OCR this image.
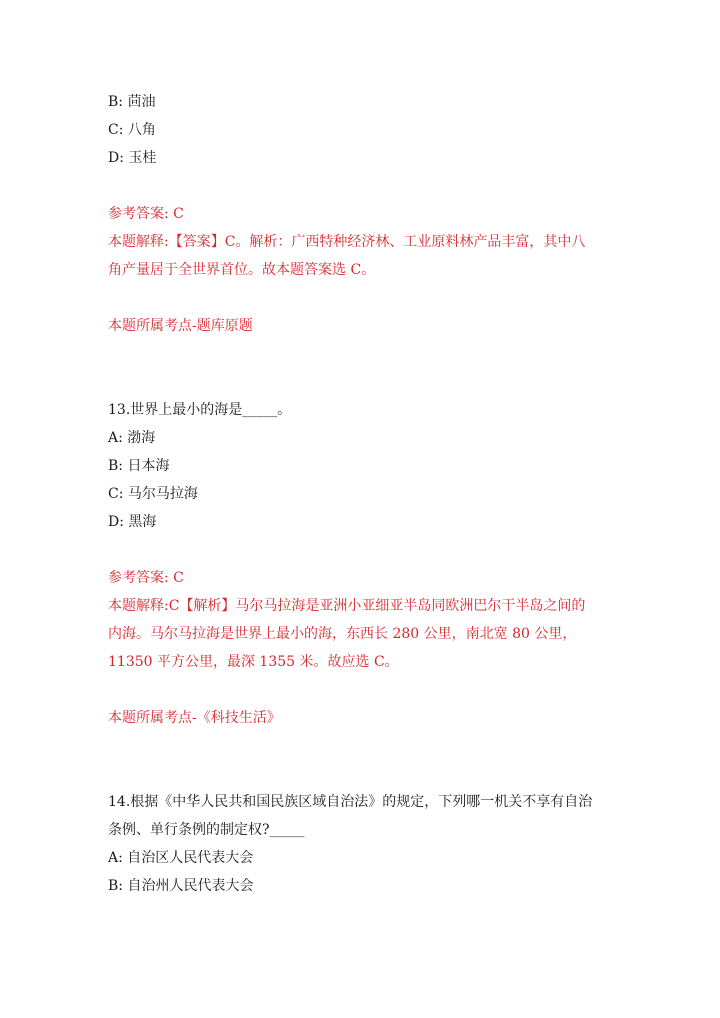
B: 茴油
C: 八角
D: 玉桂
参考答案: C
本题解释:【答案】C。解析：广西特种经济林、工业原料林产品丰富，其中八
角产量居于全世界首位。故本题答案选 C。
本题所属考点-题库原题
13.世界上最小的海是_____。
A: 渤海
B: 日本海
C: 马尔马拉海
D: 黑海
参考答案: C
本题解释:C【解析】马尔马拉海是亚洲小亚细亚半岛同欧洲巴尔干半岛之间的
内海。马尔马拉海是世界上最小的海，东西长 280 公里，南北宽 80 公里，
11350 平方公里，最深 1355 米。故应选 C。
本题所属考点-《科技生活》
14.根据《中华人民共和国民族区域自治法》的规定，下列哪一机关不享有自治
条例、单行条例的制定权?_____
A: 自治区人民代表大会
B: 自治州人民代表大会
